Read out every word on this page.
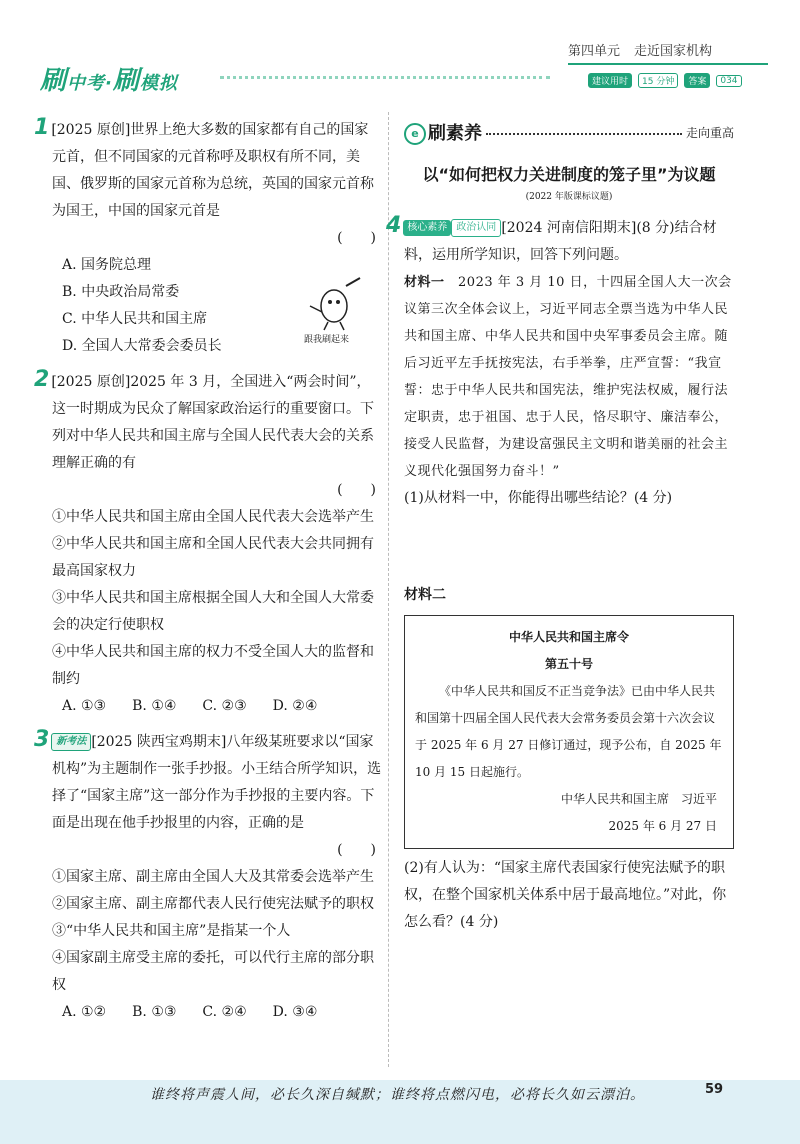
刷中考·刷模拟
第四单元 走近国家机构
建议用时	15 分钟	答案	034

1 [2025 原创]世界上绝大多数的国家都有自己的国家元首，但不同国家的元首称呼及职权有所不同，美国、俄罗斯的国家元首称为总统，英国的国家元首称为国王，中国的国家元首是

(　　)

A. 国务院总理

B. 中央政治局常委

C. 中华人民共和国主席

D. 全国人大常委会委员长

2 [2025 原创]2025 年 3 月，全国进入“两会时间”，这一时期成为民众了解国家政治运行的重要窗口。下列对中华人民共和国主席与全国人民代表大会的关系理解正确的有

(　　)

①中华人民共和国主席由全国人民代表大会选举产生

②中华人民共和国主席和全国人民代表大会共同拥有最高国家权力

③中华人民共和国主席根据全国人大和全国人大常委会的决定行使职权

④中华人民共和国主席的权力不受全国人大的监督和制约

A. ①③ B. ①④ C. ②③ D. ②④

3 新考法 [2025 陕西宝鸡期末]八年级某班要求以“国家机构”为主题制作一张手抄报。小王结合所学知识，选择了“国家主席”这一部分作为手抄报的主要内容。下面是出现在他手抄报里的内容，正确的是

(　　)

①国家主席、副主席由全国人大及其常委会选举产生

②国家主席、副主席都代表人民行使宪法赋予的职权

③“中华人民共和国主席”是指某一个人

④国家副主席受主席的委托，可以代行主席的部分职权

A. ①② B. ①③ C. ②④ D. ③④
跟我刷起来
e 刷素养	走向重高
以“如何把权力关进制度的笼子里”为议题
(2022 年版课标议题)

4 核心素养 政治认同 [2024 河南信阳期末](8 分)结合材料，运用所学知识，回答下列问题。

材料一　 2023 年 3 月 10 日，十四届全国人大一次会议第三次全体会议上，习近平同志全票当选为中华人民共和国主席、中华人民共和国中央军事委员会主席。随后习近平左手抚按宪法，右手举拳，庄严宣誓：“我宣誓：忠于中华人民共和国宪法，维护宪法权威，履行法定职责，忠于祖国、忠于人民，恪尽职守、廉洁奉公，接受人民监督，为建设富强民主文明和谐美丽的社会主义现代化强国努力奋斗！”

(1)从材料一中，你能得出哪些结论？(4 分)

材料二

中华人民共和国主席令
第五十号
《中华人民共和国反不正当竞争法》已由中华人民共和国第十四届全国人民代表大会常务委员会第十六次会议于 2025 年 6 月 27 日修订通过，现予公布，自 2025 年 10 月 15 日起施行。
中华人民共和国主席　习近平
2025 年 6 月 27 日

(2)有人认为：“国家主席代表国家行使宪法赋予的职权，在整个国家机关体系中居于最高地位。”对此，你怎么看？(4 分)

谁终将声震人间，必长久深自缄默；谁终将点燃闪电，必将长久如云漂泊。	59
